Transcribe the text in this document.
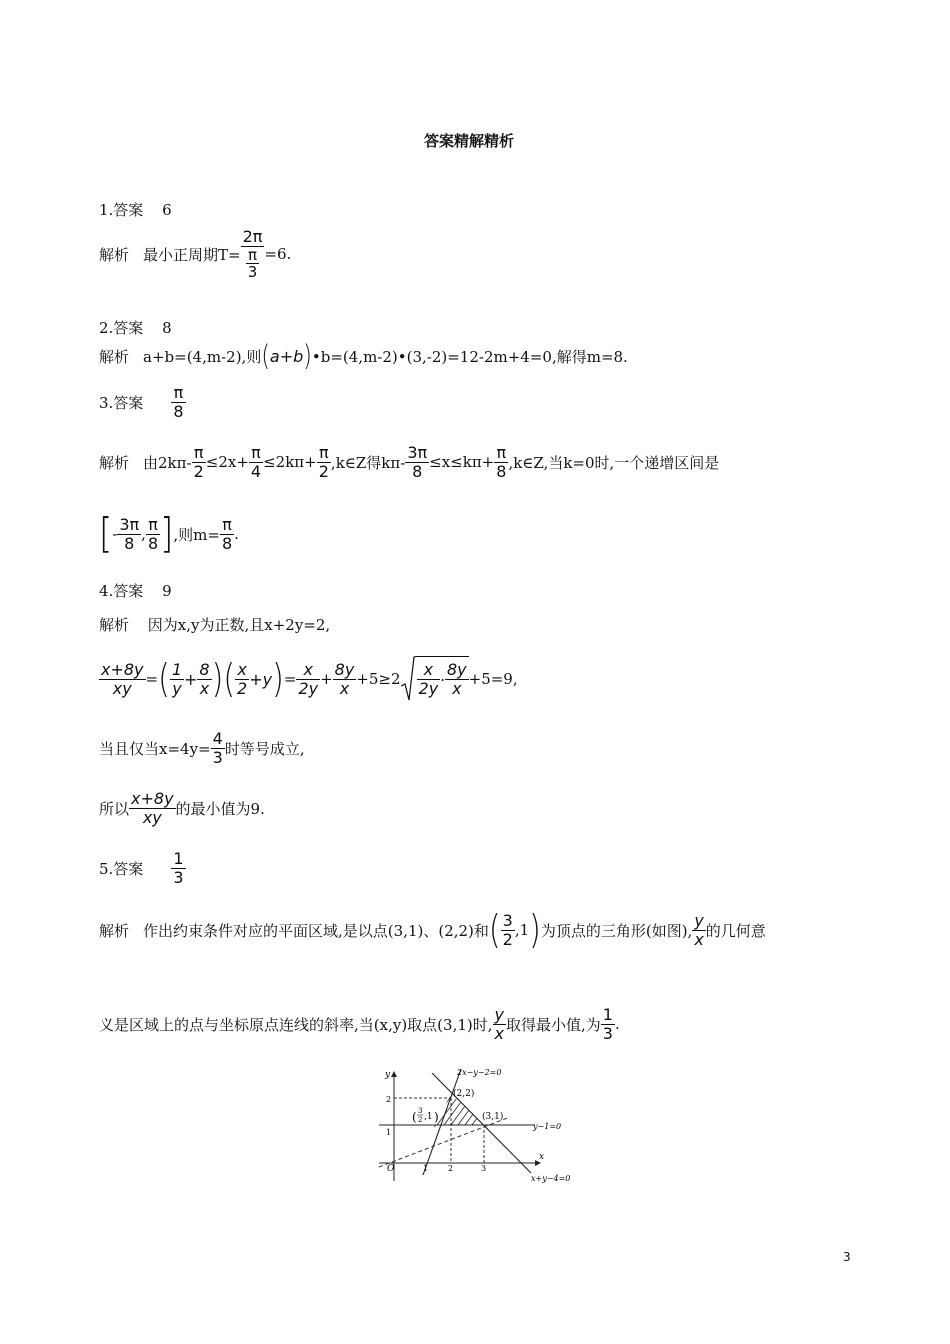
答案精解精析
1.答案 6
解析 最小正周期$T= \frac{2\pi}{\frac{\pi}{3}} =6$.
2.答案 8
解析 a+b=(4,m-2),则 ( a+b ) •b=(4,m-2)•(3,-2)=12-2m+4=0,解得m=8.
3.答案 $\frac{\pi}{8}$
解析 由$2k\pi- \frac{\pi}{2} \le 2x+ \frac{\pi}{4} \le 2k\pi+ \frac{\pi}{2}$ ,k∈Z得$k\pi- \frac{3\pi}{8} \le x\le k\pi+ \frac{\pi}{8}$ ,k∈Z,当k=0时,一个递增区间是
[ - $\frac{3\pi}{8}$ , $\frac{\pi}{8}$ ] ,则$m= \frac{\pi}{8}$ .
4.答案 9
解析 因为x,y为正数,且x+2y=2,
$\frac{x+8y}{xy}$ = ( $\frac{1}{y} + \frac{8}{x}$ ) ( $\frac{x}{2} +y$ ) = $\frac{x}{2y} + \frac{8y}{x} +5\ge 2 \frac{x}{2y} \cdot \frac{8y}{x} +5=9$,
当且仅当$x=4y= \frac{4}{3}$ 时等号成立,
所以 $\frac{x+8y}{xy}$ 的最小值为9.
5.答案 $\frac{1}{3}$
解析 作出约束条件对应的平面区域,是以点(3,1)、(2,2)和 ( $\frac{3}{2} ,1$ ) 为顶点的三角形(如图), $\frac{y}{x}$ 的几何意
义是区域上的点与坐标原点连线的斜率,当(x,y)取点(3,1)时, $\frac{y}{x}$ 取得最小值,为 $\frac{1}{3}$ .
2x−y−2=0
(2,2)
(3,1)
( 3
2 ,1 )
y−1=0
x+y−4=0
x
y
O	1 2	3
1
2
3
